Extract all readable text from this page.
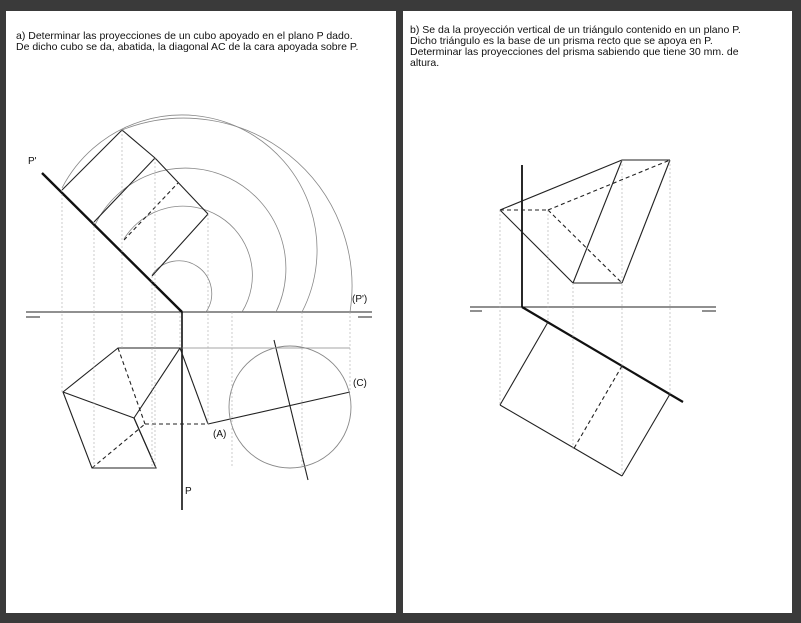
a) Determinar las proyecciones de un cubo apoyado en el plano P dado.
De dicho cubo se da, abatida, la diagonal AC de la cara apoyada sobre P.
P'
(P')
P
(A)
(C)
b) Se da la proyección vertical de un triángulo contenido en un plano P.
Dicho triángulo es la base de un prisma recto que se apoya en P.
Determinar las proyecciones del prisma sabiendo que tiene 30 mm. de
altura.
